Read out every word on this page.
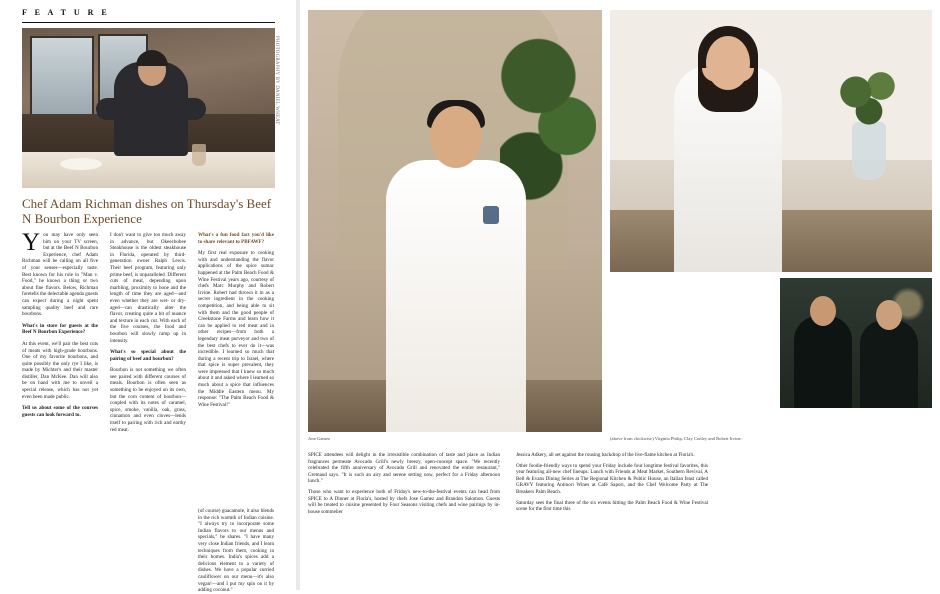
F E A T U R E
PHOTOGRAPHY BY DANIEL WHEAT
Chef Adam Richman dishes on Thursday's Beef N Bourbon Experience

You may have only seen him on your TV screen, but at the Beef N Bourbon Experience, chef Adam Richman will be calling on all five of your senses—especially taste. Best known for his role in "Man v. Food," he knows a thing or two about fine flavors. Below, Richman foretells the delectable agenda guests can expect during a night spent sampling quality beef and rare bourbons.

What's in store for guests at the Beef N Bourbon Experience?

At this event, we'll pair the best cuts of meats with high-grade bourbons. One of my favorite bourbons, and quite possibly the only rye I like, is made by Michter's and their master distiller, Dan McKee. Dan will also be on hand with me to unveil a special release, which has not yet even been made public.

Tell us about some of the courses guests can look forward to.

I don't want to give too much away in advance, but Okeechobee Steakhouse is the oldest steakhouse in Florida, operated by third-generation owner Ralph Lewis. Their beef program, featuring only prime beef, is unparalleled. Different cuts of meat, depending upon marbling, proximity to bone and the length of time they are aged—and even whether they are wet- or dry-aged—can drastically alter the flavor, creating quite a bit of nuance and texture in each cut. With each of the five courses, the food and bourbon will slowly ramp up in intensity.

What's so special about the pairing of beef and bourbon?

Bourbon is not something we often see paired with different courses of meals. Bourbon is often seen as something to be enjoyed on its own, but the corn content of bourbon—coupled with its notes of caramel, spice, smoke, vanilla, oak, grass, cinnamon and even cloves—lends itself to pairing with rich and earthy red meat.

What's a fun food fact you'd like to share relevant to PBFAWF?

My first real exposure to cooking with and understanding the flavor applications of the spice sumac happened at the Palm Beach Food & Wine Festival years ago, courtesy of chefs Marc Murphy and Robert Irvine. Robert had thrown it in as a secret ingredient in the cooking competition, and being able to sit with them and the good people of Creekstone Farms and learn how it can be applied to red meat and in other recipes—from both a legendary meat purveyor and two of the best chefs to ever do it—was incredible. I learned so much that during a recent trip to Israel, where that spice is super prevalent, they were impressed that I knew so much about it and asked where I learned so much about a spice that influences the Middle Eastern menu. My response: "The Palm Beach Food & Wine Festival!"

Jose Gamez	(above from clockwise) Virginia Philip, Clay Conley and Robert Irvine.

SPICE attendees will delight in the irresistible combination of taste and place as Indian fragrances permeate Avocado Grill's newly breezy, open-concept space. "We recently celebrated the fifth anniversary of Avocado Grill and renovated the entire restaurant," Gremaud says. "It is such an airy and serene setting now, perfect for a Friday afternoon lunch."

Those who want to experience both of Friday's new-to-the-festival events can head from SPICE to A Dinner at Floria's, hosted by chefs Jose Gamez and Brandon Salomon. Guests will be treated to cuisine presented by Four Seasons visiting chefs and wine pairings by in-house sommelier

Jessica Adkery, all set against the rousing backdrop of the live-flame kitchen at Floria's.

Other foodie-friendly ways to spend your Friday include four longtime festival favorites, this year featuring all-new chef lineups: Lunch with Friends at Meat Market, Southern Revival, A Bell & Evans Dining Series at The Regional Kitchen & Public House, an Italian feast called GRAVY featuring Antinori Wines at Café Sapori, and the Chef Welcome Party at The Breakers Palm Beach.

Saturday sees the final three of the six events hitting the Palm Beach Food & Wine Festival scene for the first time this

(of course) guacamole, it also blends in the rich warmth of Indian cuisine. "I always try to incorporate some Indian flavors to our menus and specials," he shares. "I have many very close Indian friends, and I learn techniques from them, cooking in their homes. India's spices add a delicious element to a variety of dishes. We have a popular curried cauliflower on our menu—it's also vegan!—and I put my spin on it by adding coconut."
